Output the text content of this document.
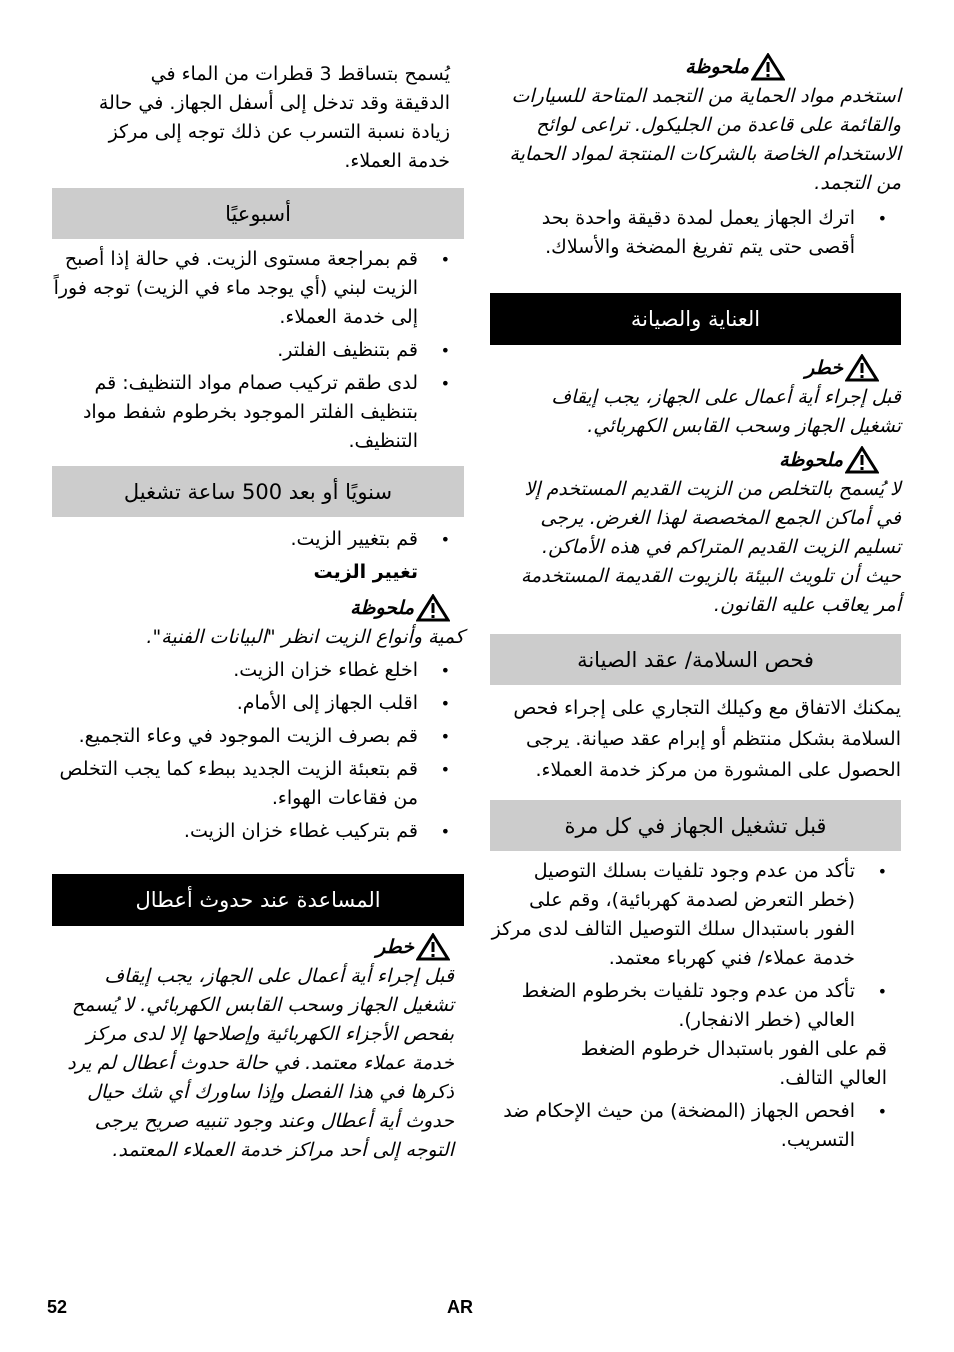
ملحوظة

استخدم مواد الحماية من التجمد المتاحة للسيارات والقائمة على قاعدة من الجليكول. تراعى لوائح الاستخدام الخاصة بالشركات المنتجة لمواد الحماية من التجمد.

• اترك الجهاز يعمل لمدة دقيقة واحدة بحد أقصى حتى يتم تفريغ المضخة والأسلاك.
العناية والصيانة
خطر

قبل إجراء أية أعمال على الجهاز، يجب إيقاف تشغيل الجهاز وسحب القابس الكهربائي.

ملحوظة

لا يُسمح بالتخلص من الزيت القديم المستخدم إلا في أماكن الجمع المخصصة لهذا الغرض. يرجى تسليم الزيت القديم المتراكم في هذه الأماكن. حيث أن تلويث البيئة بالزيوت القديمة المستخدمة أمر يعاقب عليه القانون.

فحص السلامة/ عقد الصيانة

يمكنك الاتفاق مع وكيلك التجاري على إجراء فحص السلامة بشكل منتظم أو إبرام عقد صيانة. يرجى الحصول على المشورة من مركز خدمة العملاء.

قبل تشغيل الجهاز في كل مرة
• تأكد من عدم وجود تلفيات بسلك التوصيل (خطر التعرض لصدمة كهربائية)، وقم على الفور باستبدال سلك التوصيل التالف لدى مركز خدمة عملاء/ فني كهرباء معتمد.
• تأكد من عدم وجود تلفيات بخرطوم الضغط العالي (خطر الانفجار).

قم على الفور باستبدال خرطوم الضغط العالي التالف.

• افحص الجهاز (المضخة) من حيث الإحكام ضد التسريب.

يُسمح بتساقط 3 قطرات من الماء في الدقيقة وقد تدخل إلى أسفل الجهاز. في حالة زيادة نسبة التسرب عن ذلك توجه إلى مركز خدمة العملاء.

أسبوعيًا
• قم بمراجعة مستوى الزيت. في حالة إذا أصبح الزيت لبني (أي يوجد ماء في الزيت) توجه فوراً إلى خدمة العملاء.
• قم بتنظيف الفلتر.
• لدى طقم تركيب صمام مواد التنظيف: قم بتنظيف الفلتر الموجود بخرطوم شفط مواد التنظيف.
سنويًا أو بعد 500 ساعة تشغيل
• قم بتغيير الزيت.

تغيير الزيت

ملحوظة

كمية وأنواع الزيت انظر "البيانات الفنية".

• اخلع غطاء خزان الزيت.
• اقلب الجهاز إلى الأمام.
• قم بصرف الزيت الموجود في وعاء التجميع.
• قم بتعبئة الزيت الجديد ببطء كما يجب التخلص من فقاعات الهواء.
• قم بتركيب غطاء خزان الزيت.
المساعدة عند حدوث أعطال
خطر

قبل إجراء أية أعمال على الجهاز، يجب إيقاف تشغيل الجهاز وسحب القابس الكهربائي. لا يُسمح بفحص الأجزاء الكهربائية وإصلاحها إلا لدى مركز خدمة عملاء معتمد. في حالة حدوث أعطال لم يرد ذكرها في هذا الفصل وإذا ساورك أي شك حيال حدوث أية أعطال وعند وجود تنبيه صريح يرجى التوجه إلى أحد مراكز خدمة العملاء المعتمد.

52	AR
